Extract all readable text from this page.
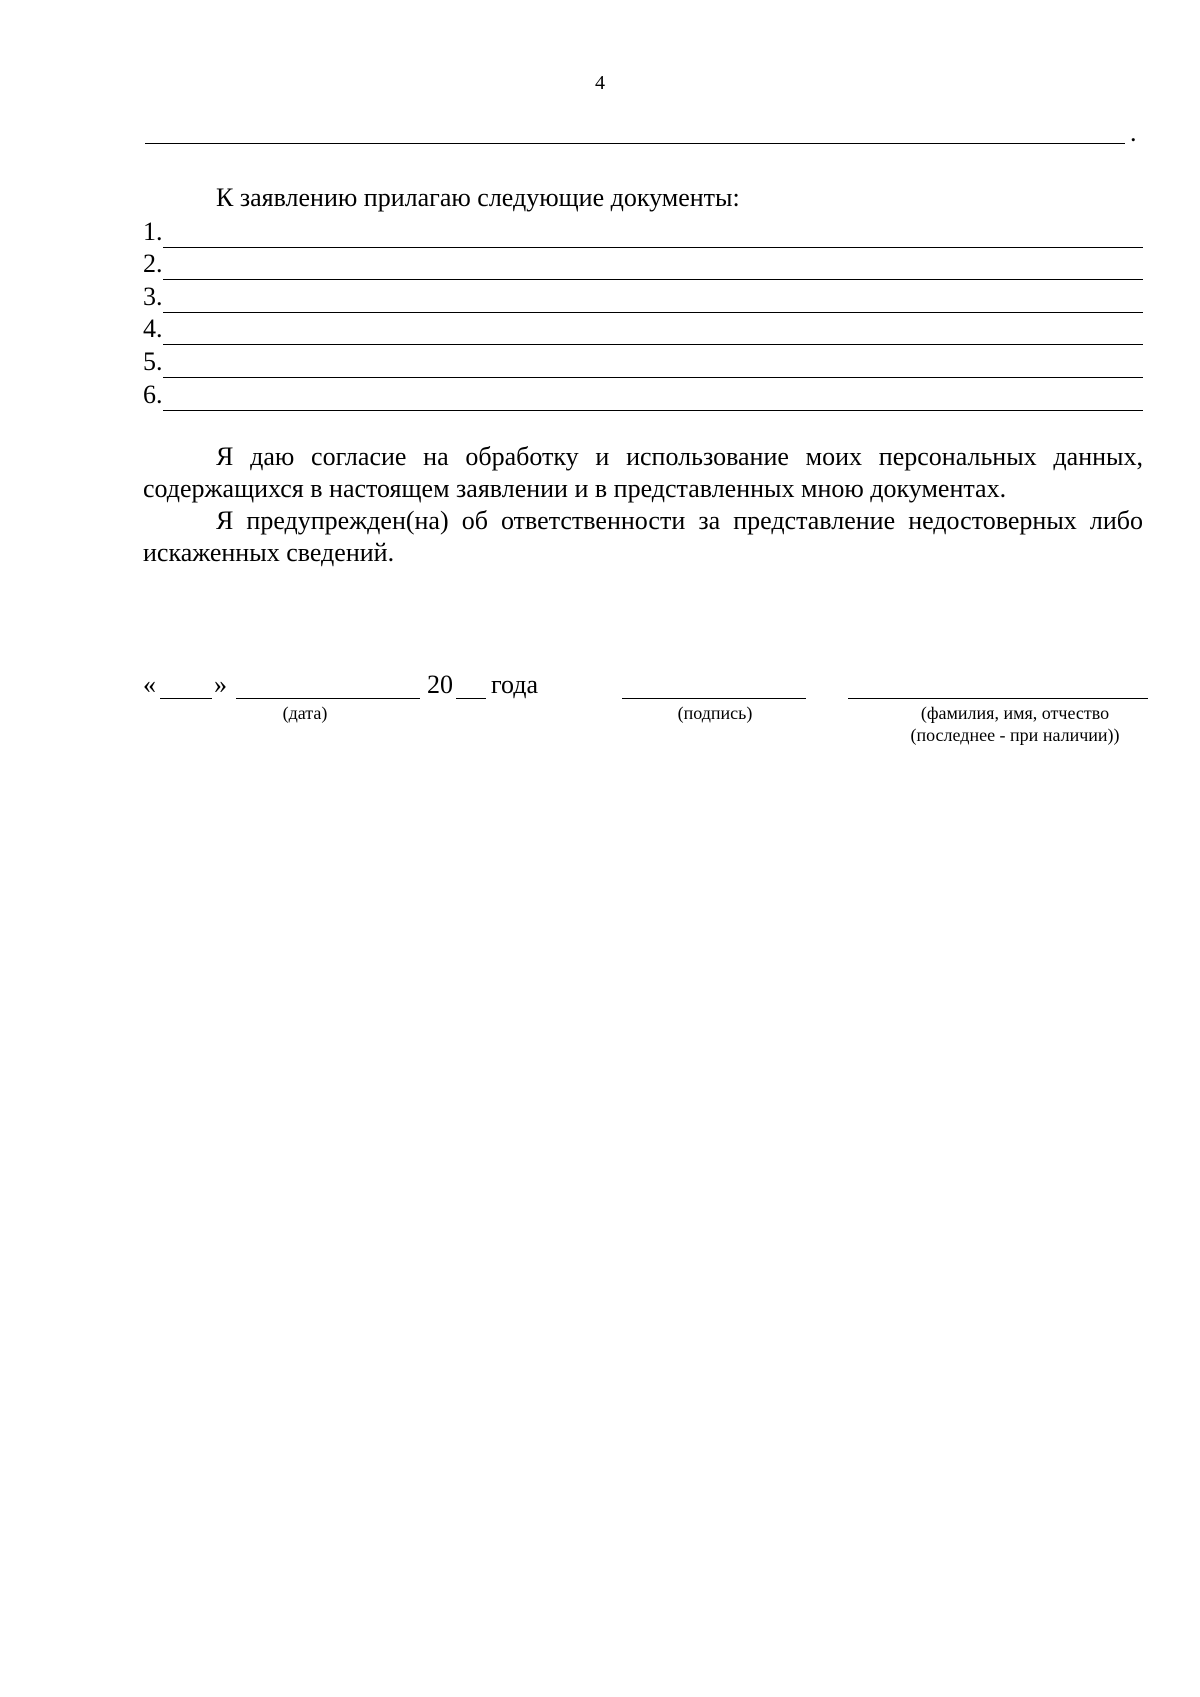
4
.
К заявлению прилагаю следующие документы:
1.
2.
3.
4.
5.
6.

Я даю согласие на обработку и использование моих персональных данных, содержащихся в настоящем заявлении и в представленных мною документах.

Я предупрежден(на) об ответственности за представление недостоверных либо искаженных сведений.

« »	20 года
(дата)	(подпись)	(фамилия, имя, отчество
(последнее - при наличии))
